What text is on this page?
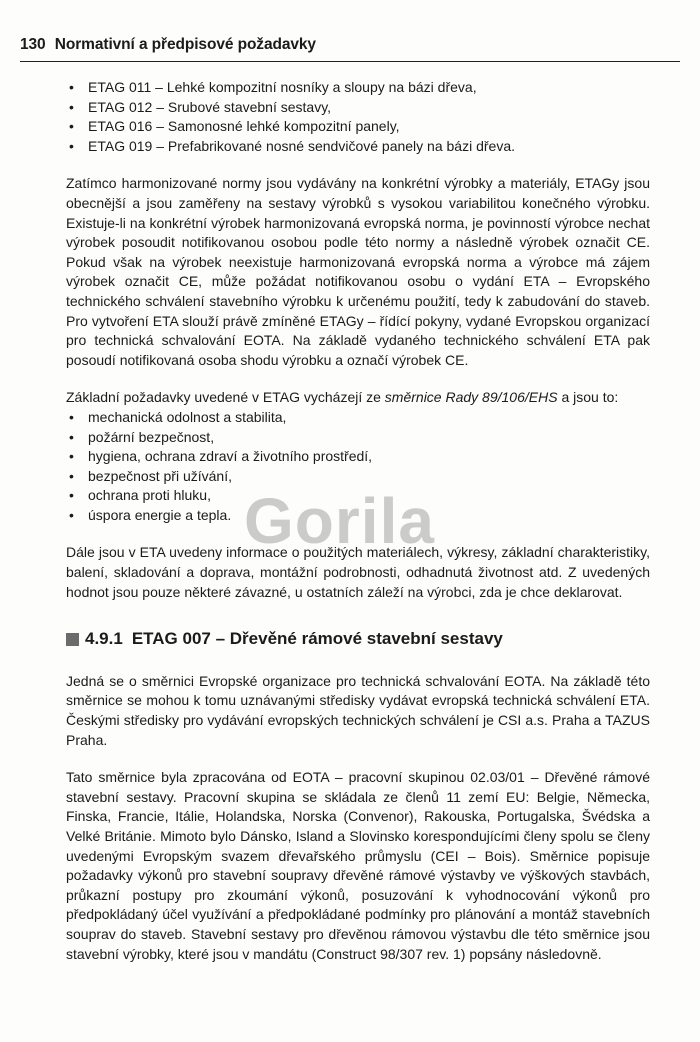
130 Normativní a předpisové požadavky
• ETAG 011 – Lehké kompozitní nosníky a sloupy na bázi dřeva,
• ETAG 012 – Srubové stavební sestavy,
• ETAG 016 – Samonosné lehké kompozitní panely,
• ETAG 019 – Prefabrikované nosné sendvičové panely na bázi dřeva.

Zatímco harmonizované normy jsou vydávány na konkrétní výrobky a materiály, ETAGy jsou obecnější a jsou zaměřeny na sestavy výrobků s vysokou variabilitou konečného výrobku. Existuje-li na konkrétní výrobek harmonizovaná evropská norma, je povinností výrobce nechat výrobek posoudit notifikovanou osobou podle této normy a následně výrobek označit CE. Pokud však na výrobek neexistuje harmonizovaná evropská norma a výrobce má zájem výrobek označit CE, může požádat notifikovanou osobu o vydání ETA – Evropského technického schválení stavebního výrobku k určenému použití, tedy k zabudování do staveb. Pro vytvoření ETA slouží právě zmíněné ETAGy – řídící pokyny, vydané Evropskou organizací pro technická schvalování EOTA. Na základě vydaného technického schválení ETA pak posoudí notifikovaná osoba shodu výrobku a označí výrobek CE.

Základní požadavky uvedené v ETAG vycházejí ze směrnice Rady 89/106/EHS a jsou to:

• mechanická odolnost a stabilita,
• požární bezpečnost,
• hygiena, ochrana zdraví a životního prostředí,
• bezpečnost při užívání,
• ochrana proti hluku,
• úspora energie a tepla.

Dále jsou v ETA uvedeny informace o použitých materiálech, výkresy, základní charakteristiky, balení, skladování a doprava, montážní podrobnosti, odhadnutá životnost atd. Z uvedených hodnot jsou pouze některé závazné, u ostatních záleží na výrobci, zda je chce deklarovat.

4.9.1 ETAG 007 – Dřevěné rámové stavební sestavy

Jedná se o směrnici Evropské organizace pro technická schvalování EOTA. Na základě této směrnice se mohou k tomu uznávanými středisky vydávat evropská technická schválení ETA. Českými středisky pro vydávání evropských technických schválení je CSI a.s. Praha a TAZUS Praha.

Tato směrnice byla zpracována od EOTA – pracovní skupinou 02.03/01 – Dřevěné rámové stavební sestavy. Pracovní skupina se skládala ze členů 11 zemí EU: Belgie, Německa, Finska, Francie, Itálie, Holandska, Norska (Convenor), Rakouska, Portugalska, Švédska a Velké Británie. Mimoto bylo Dánsko, Island a Slovinsko korespondujícími členy spolu se členy uvedenými Evropským svazem dřevařského průmyslu (CEI – Bois). Směrnice popisuje požadavky výkonů pro stavební soupravy dřevěné rámové výstavby ve výškových stavbách, průkazní postupy pro zkoumání výkonů, posuzování k vyhodnocování výkonů pro předpokládaný účel využívání a předpokládané podmínky pro plánování a montáž stavebních souprav do staveb. Stavební sestavy pro dřevěnou rámovou výstavbu dle této směrnice jsou stavební výrobky, které jsou v mandátu (Construct 98/307 rev. 1) popsány následovně.

Gorila
